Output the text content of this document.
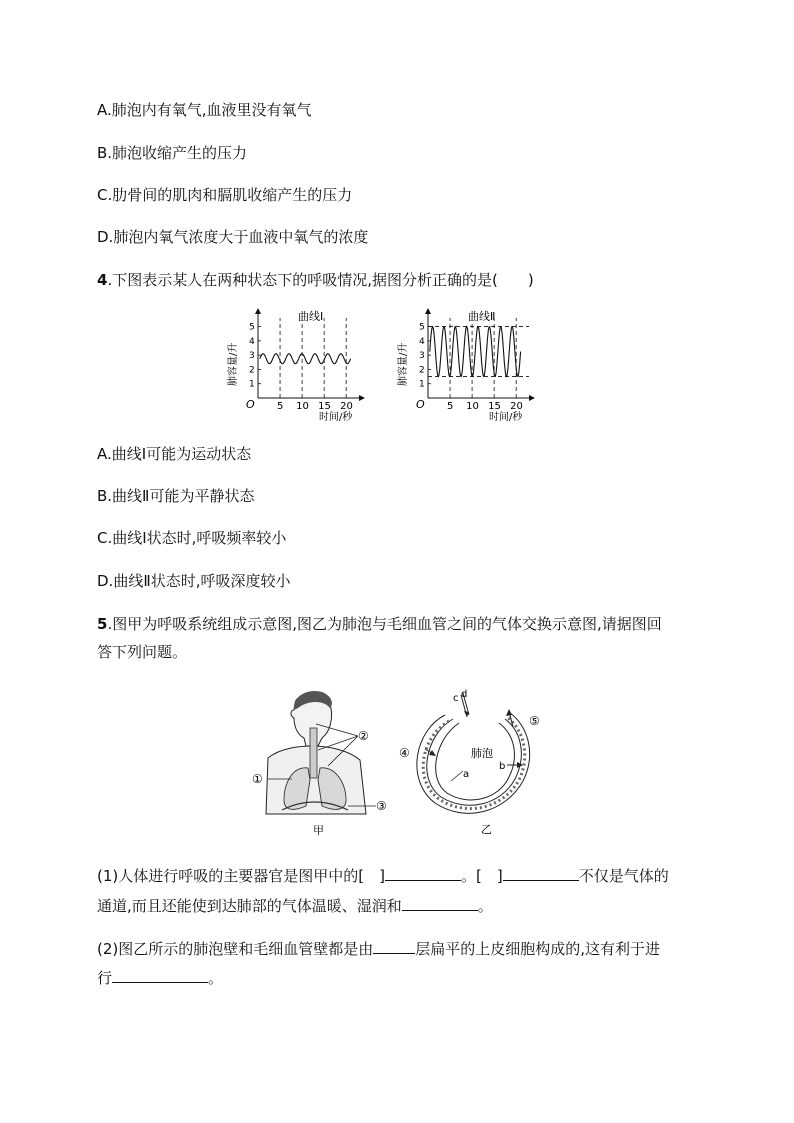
A.肺泡内有氧气,血液里没有氧气
B.肺泡收缩产生的压力
C.肋骨间的肌肉和膈肌收缩产生的压力
D.肺泡内氧气浓度大于血液中氧气的浓度
4.下图表示某人在两种状态下的呼吸情况,据图分析正确的是(　　)
曲线Ⅰ
O
肺容量/升
时间/秒
5 10 15 20
1
2
3
4
5
曲线Ⅱ
O
肺容量/升
时间/秒
5 10 15 20
1
2
3
4
5
A.曲线Ⅰ可能为运动状态
B.曲线Ⅱ可能为平静状态
C.曲线Ⅰ状态时,呼吸频率较小
D.曲线Ⅱ状态时,呼吸深度较小
5.图甲为呼吸系统组成示意图,图乙为肺泡与毛细血管之间的气体交换示意图,请据图回
答下列问题。
②
①
③
甲
c d
⑤
④
b
a
肺泡
乙
(1)人体进行呼吸的主要器官是图甲中的[　]	。[　]	不仅是气体的
通道,而且还能使到达肺部的气体温暖、湿润和	。
(2)图乙所示的肺泡壁和毛细血管壁都是由	层扁平的上皮细胞构成的,这有利于进
行	。
